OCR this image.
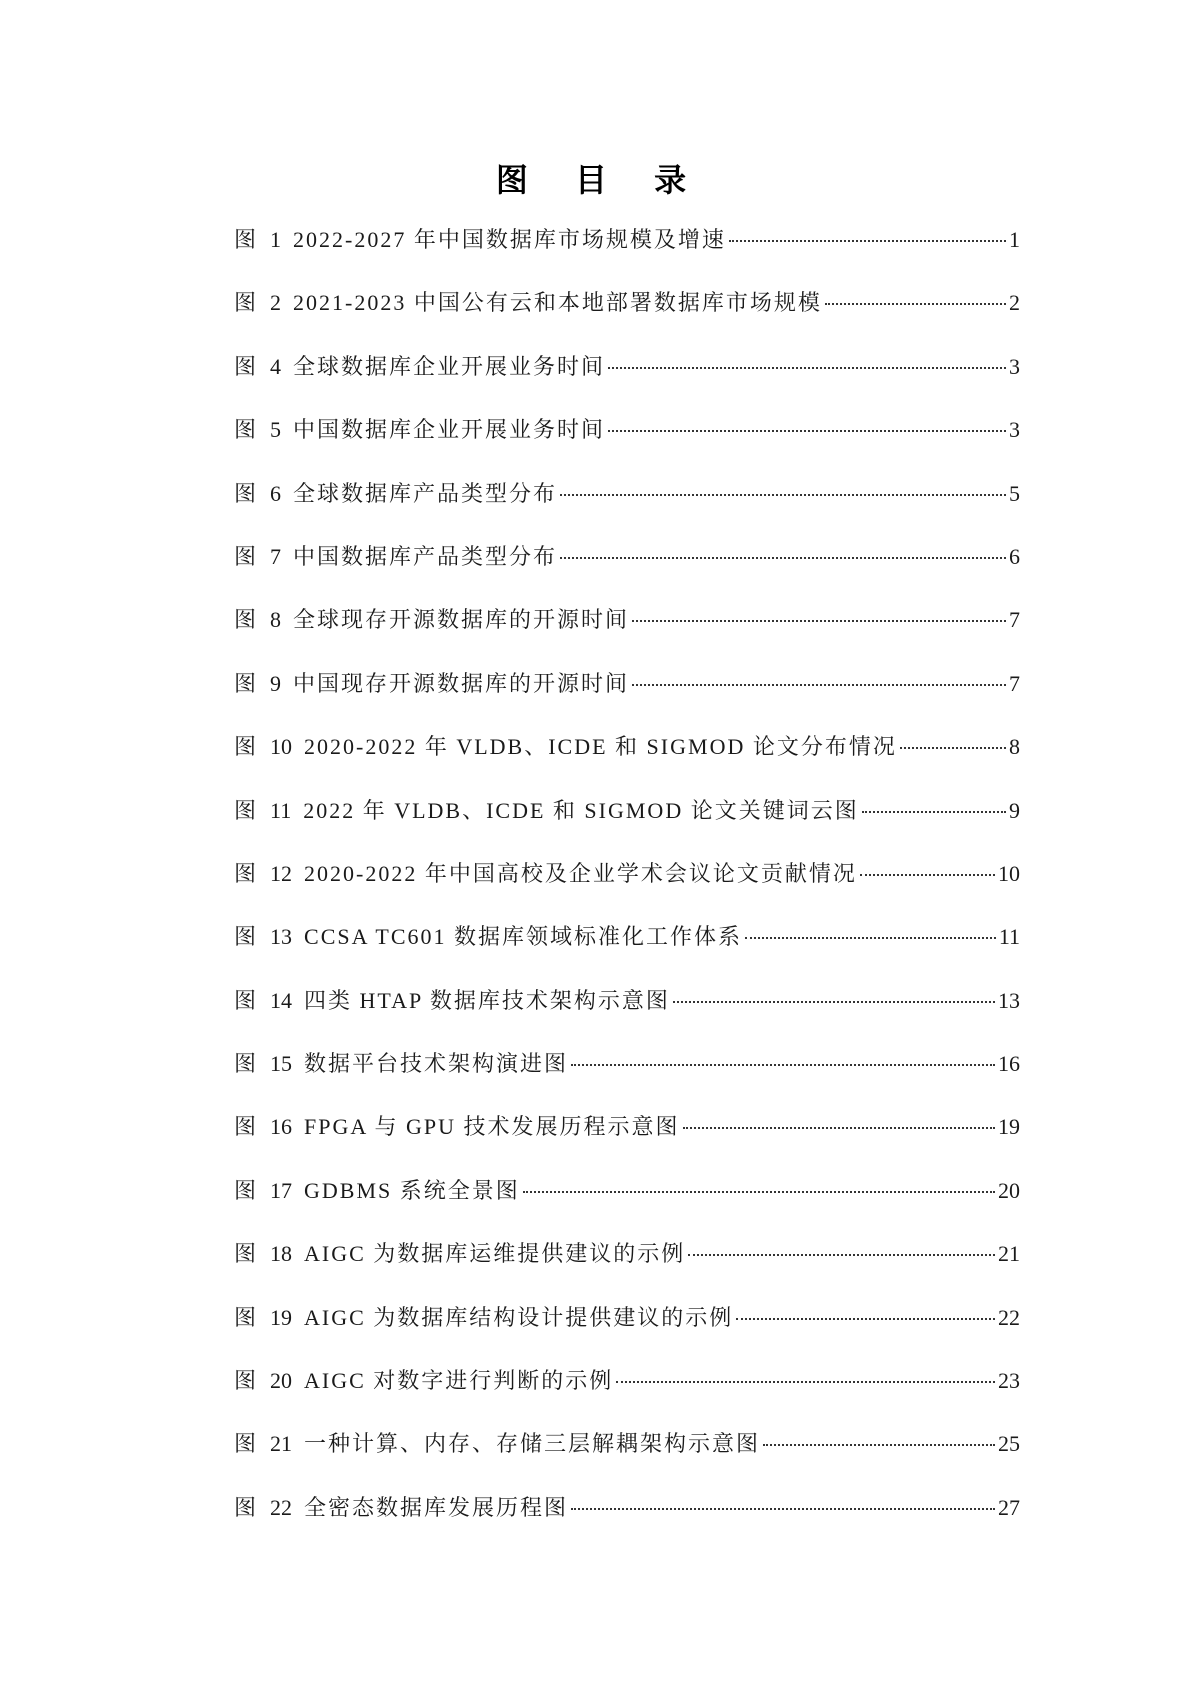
图 目 录
图 1 2022-2027 年中国数据库市场规模及增速	1
图 2 2021-2023 中国公有云和本地部署数据库市场规模	2
图 4 全球数据库企业开展业务时间	3
图 5 中国数据库企业开展业务时间	3
图 6 全球数据库产品类型分布	5
图 7 中国数据库产品类型分布	6
图 8 全球现存开源数据库的开源时间	7
图 9 中国现存开源数据库的开源时间	7
图 10 2020-2022 年 VLDB、ICDE 和 SIGMOD 论文分布情况	8
图 11 2022 年 VLDB、ICDE 和 SIGMOD 论文关键词云图	9
图 12 2020-2022 年中国高校及企业学术会议论文贡献情况	10
图 13 CCSA TC601 数据库领域标准化工作体系	11
图 14 四类 HTAP 数据库技术架构示意图	13
图 15 数据平台技术架构演进图	16
图 16 FPGA 与 GPU 技术发展历程示意图	19
图 17 GDBMS 系统全景图	20
图 18 AIGC 为数据库运维提供建议的示例	21
图 19 AIGC 为数据库结构设计提供建议的示例	22
图 20 AIGC 对数字进行判断的示例	23
图 21 一种计算、内存、存储三层解耦架构示意图	25
图 22 全密态数据库发展历程图	27
